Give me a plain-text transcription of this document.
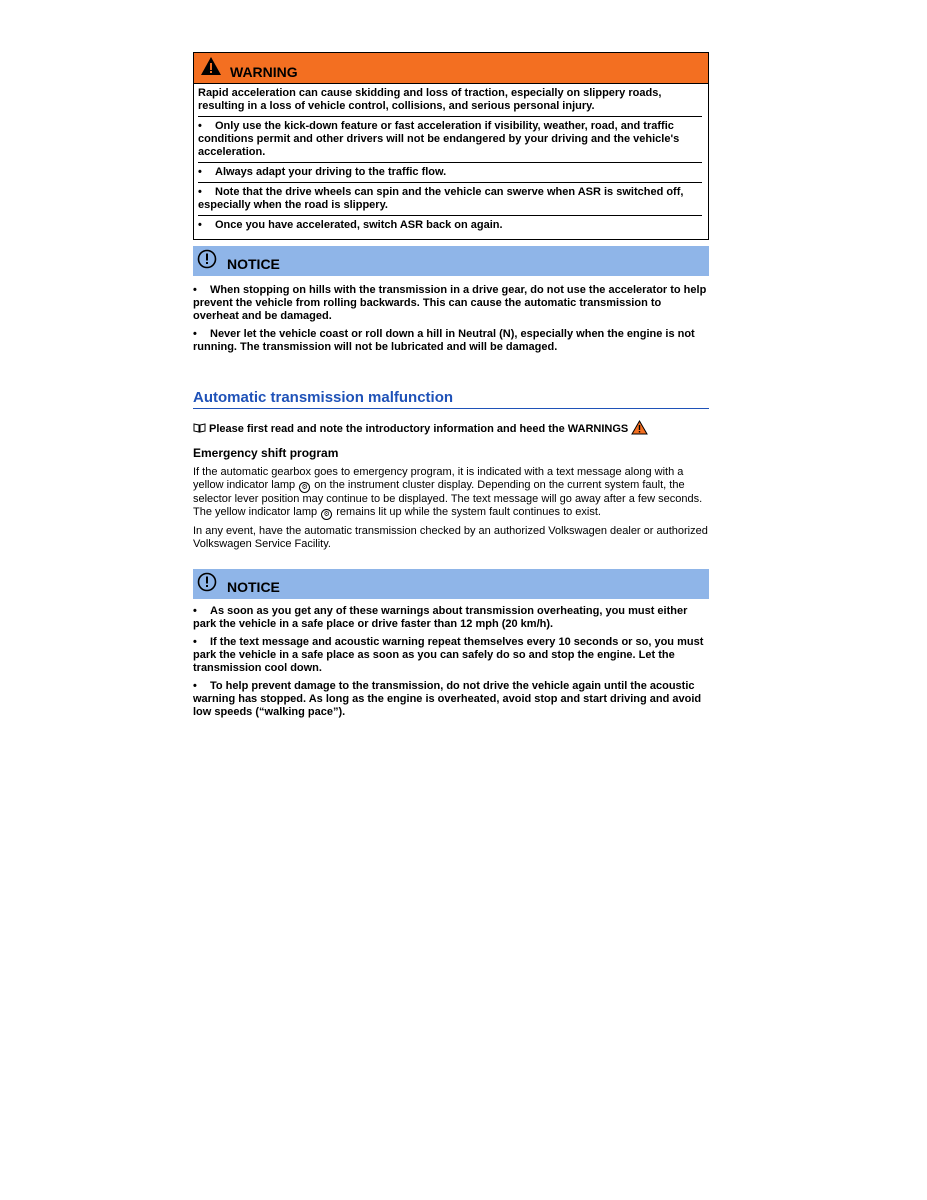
WARNING

Rapid acceleration can cause skidding and loss of traction, especially on slippery roads, resulting in a loss of vehicle control, collisions, and serious personal injury.

• Only use the kick-down feature or fast acceleration if visibility, weather, road, and traffic conditions permit and other drivers will not be endangered by your driving and the vehicle's acceleration.

• Always adapt your driving to the traffic flow.

• Note that the drive wheels can spin and the vehicle can swerve when ASR is switched off, especially when the road is slippery.

• Once you have accelerated, switch ASR back on again.

NOTICE

• When stopping on hills with the transmission in a drive gear, do not use the accelerator to help prevent the vehicle from rolling backwards. This can cause the automatic transmission to overheat and be damaged.

• Never let the vehicle coast or roll down a hill in Neutral (N), especially when the engine is not running. The transmission will not be lubricated and will be damaged.

Automatic transmission malfunction
Please first read and note the introductory information and heed the WARNINGS
Emergency shift program

If the automatic gearbox goes to emergency program, it is indicated with a text message along with a yellow indicator lamp ⚙ on the instrument cluster display. Depending on the current system fault, the selector lever position may continue to be displayed. The text message will go away after a few seconds. The yellow indicator lamp ⚙ remains lit up while the system fault continues to exist.

In any event, have the automatic transmission checked by an authorized Volkswagen dealer or authorized Volkswagen Service Facility.

NOTICE

• As soon as you get any of these warnings about transmission overheating, you must either park the vehicle in a safe place or drive faster than 12 mph (20 km/h).

• If the text message and acoustic warning repeat themselves every 10 seconds or so, you must park the vehicle in a safe place as soon as you can safely do so and stop the engine. Let the transmission cool down.

• To help prevent damage to the transmission, do not drive the vehicle again until the acoustic warning has stopped. As long as the engine is overheated, avoid stop and start driving and avoid low speeds (“walking pace”).
